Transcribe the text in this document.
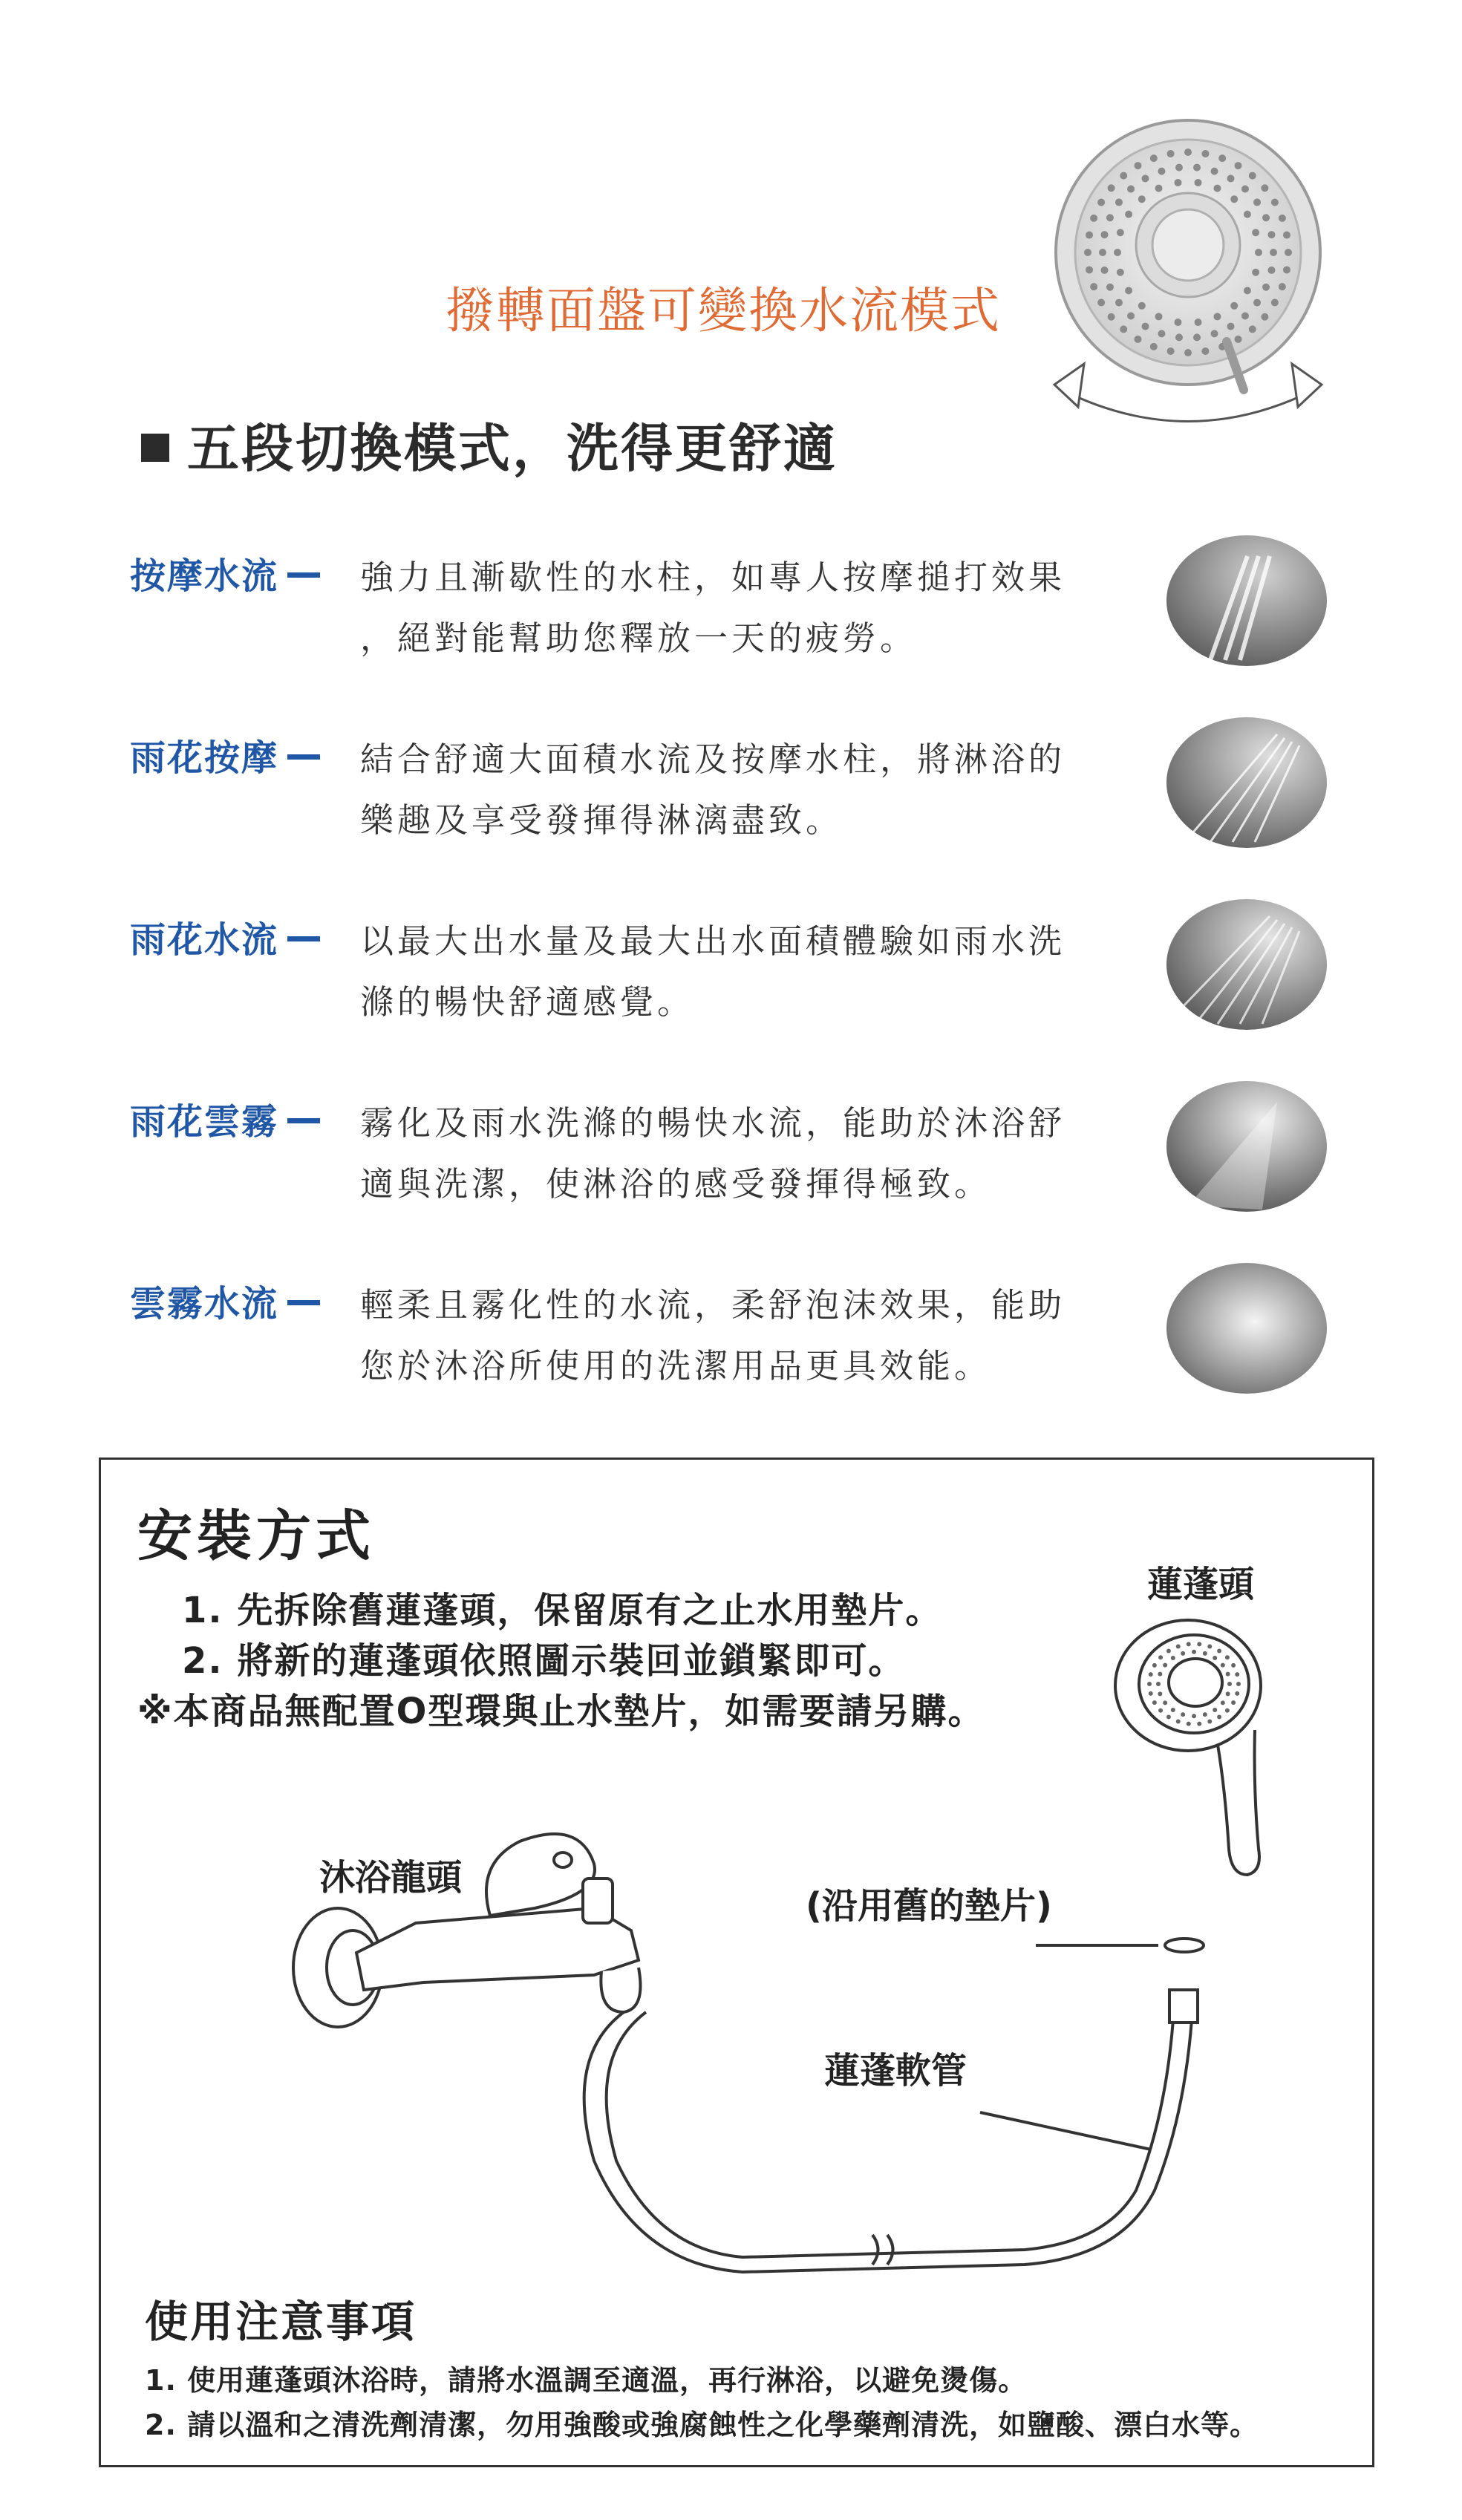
撥轉面盤可變換水流模式
五段切換模式，洗得更舒適
按摩水流	強力且漸歇性的水柱，如專人按摩搥打效果
，絕對能幫助您釋放一天的疲勞。
雨花按摩	結合舒適大面積水流及按摩水柱，將淋浴的
樂趣及享受發揮得淋漓盡致。
雨花水流	以最大出水量及最大出水面積體驗如雨水洗
滌的暢快舒適感覺。
雨花雲霧	霧化及雨水洗滌的暢快水流，能助於沐浴舒
適與洗潔，使淋浴的感受發揮得極致。
雲霧水流	輕柔且霧化性的水流，柔舒泡沫效果，能助
您於沐浴所使用的洗潔用品更具效能。
安裝方式
1. 先拆除舊蓮蓬頭，保留原有之止水用墊片。
2. 將新的蓮蓬頭依照圖示裝回並鎖緊即可。
※本商品無配置O型環與止水墊片，如需要請另購。
蓮蓬頭
沐浴龍頭
(沿用舊的墊片)
蓮蓬軟管
使用注意事項
1. 使用蓮蓬頭沐浴時，請將水溫調至適溫，再行淋浴，以避免燙傷。
2. 請以溫和之清洗劑清潔，勿用強酸或強腐蝕性之化學藥劑清洗，如鹽酸、漂白水等。
